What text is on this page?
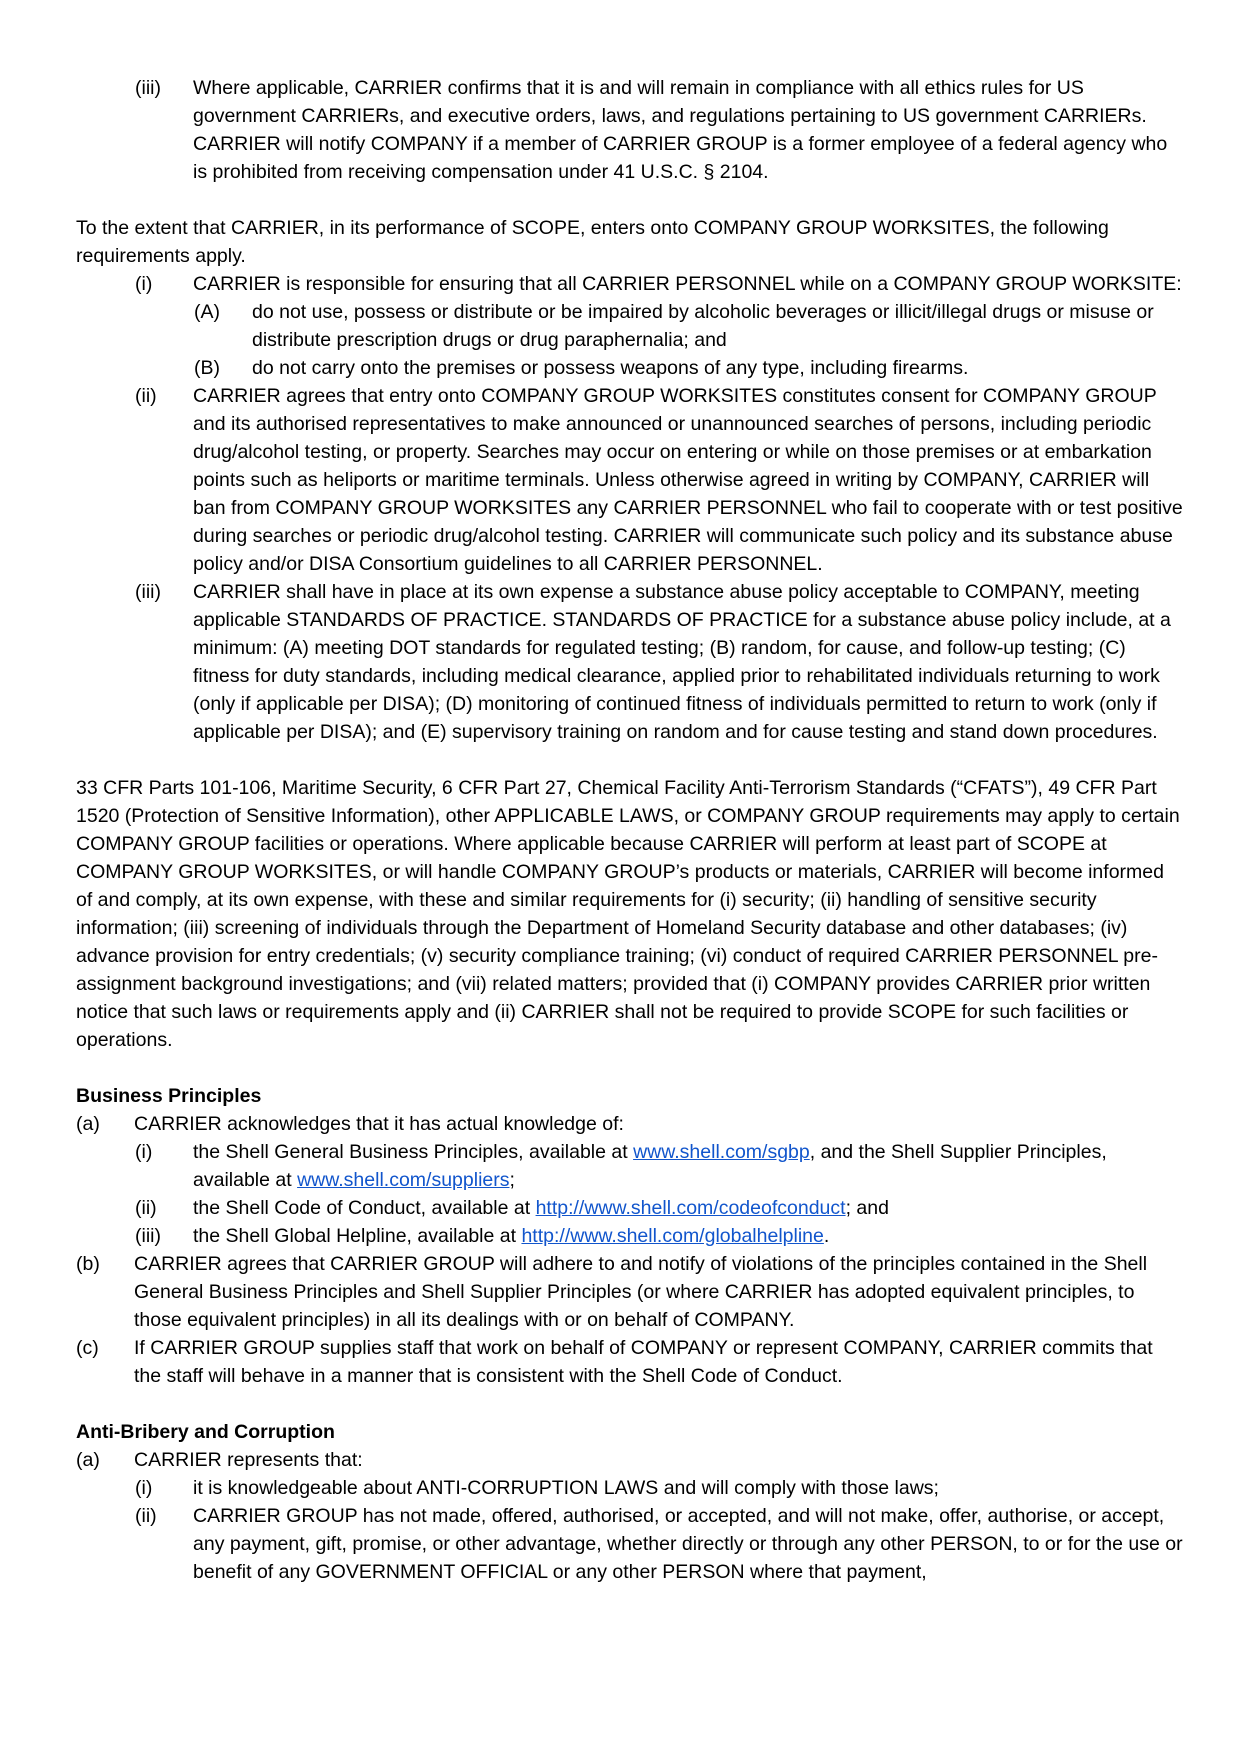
(iii) Where applicable, CARRIER confirms that it is and will remain in compliance with all ethics rules for US government CARRIERs, and executive orders, laws, and regulations pertaining to US government CARRIERs. CARRIER will notify COMPANY if a member of CARRIER GROUP is a former employee of a federal agency who is prohibited from receiving compensation under 41 U.S.C. § 2104.

To the extent that CARRIER, in its performance of SCOPE, enters onto COMPANY GROUP WORKSITES, the following requirements apply.

(i) CARRIER is responsible for ensuring that all CARRIER PERSONNEL while on a COMPANY GROUP WORKSITE:
(A) do not use, possess or distribute or be impaired by alcoholic beverages or illicit/illegal drugs or misuse or distribute prescription drugs or drug paraphernalia; and
(B) do not carry onto the premises or possess weapons of any type, including firearms.
(ii) CARRIER agrees that entry onto COMPANY GROUP WORKSITES constitutes consent for COMPANY GROUP and its authorised representatives to make announced or unannounced searches of persons, including periodic drug/alcohol testing, or property. Searches may occur on entering or while on those premises or at embarkation points such as heliports or maritime terminals. Unless otherwise agreed in writing by COMPANY, CARRIER will ban from COMPANY GROUP WORKSITES any CARRIER PERSONNEL who fail to cooperate with or test positive during searches or periodic drug/alcohol testing. CARRIER will communicate such policy and its substance abuse policy and/or DISA Consortium guidelines to all CARRIER PERSONNEL.
(iii) CARRIER shall have in place at its own expense a substance abuse policy acceptable to COMPANY, meeting applicable STANDARDS OF PRACTICE. STANDARDS OF PRACTICE for a substance abuse policy include, at a minimum: (A) meeting DOT standards for regulated testing; (B) random, for cause, and follow-up testing; (C) fitness for duty standards, including medical clearance, applied prior to rehabilitated individuals returning to work (only if applicable per DISA); (D) monitoring of continued fitness of individuals permitted to return to work (only if applicable per DISA); and (E) supervisory training on random and for cause testing and stand down procedures.

33 CFR Parts 101-106, Maritime Security, 6 CFR Part 27, Chemical Facility Anti-Terrorism Standards (“CFATS”), 49 CFR Part 1520 (Protection of Sensitive Information), other APPLICABLE LAWS, or COMPANY GROUP requirements may apply to certain COMPANY GROUP facilities or operations. Where applicable because CARRIER will perform at least part of SCOPE at COMPANY GROUP WORKSITES, or will handle COMPANY GROUP’s products or materials, CARRIER will become informed of and comply, at its own expense, with these and similar requirements for (i) security; (ii) handling of sensitive security information; (iii) screening of individuals through the Department of Homeland Security database and other databases; (iv) advance provision for entry credentials; (v) security compliance training; (vi) conduct of required CARRIER PERSONNEL pre-assignment background investigations; and (vii) related matters; provided that (i) COMPANY provides CARRIER prior written notice that such laws or requirements apply and (ii) CARRIER shall not be required to provide SCOPE for such facilities or operations.

Business Principles

(a) CARRIER acknowledges that it has actual knowledge of:
(i) the Shell General Business Principles, available at www.shell.com/sgbp, and the Shell Supplier Principles, available at www.shell.com/suppliers;
(ii) the Shell Code of Conduct, available at http://www.shell.com/codeofconduct; and
(iii) the Shell Global Helpline, available at http://www.shell.com/globalhelpline.
(b) CARRIER agrees that CARRIER GROUP will adhere to and notify of violations of the principles contained in the Shell General Business Principles and Shell Supplier Principles (or where CARRIER has adopted equivalent principles, to those equivalent principles) in all its dealings with or on behalf of COMPANY.
(c) If CARRIER GROUP supplies staff that work on behalf of COMPANY or represent COMPANY, CARRIER commits that the staff will behave in a manner that is consistent with the Shell Code of Conduct.

Anti-Bribery and Corruption

(a) CARRIER represents that:
(i) it is knowledgeable about ANTI-CORRUPTION LAWS and will comply with those laws;
(ii) CARRIER GROUP has not made, offered, authorised, or accepted, and will not make, offer, authorise, or accept, any payment, gift, promise, or other advantage, whether directly or through any other PERSON, to or for the use or benefit of any GOVERNMENT OFFICIAL or any other PERSON where that payment,
